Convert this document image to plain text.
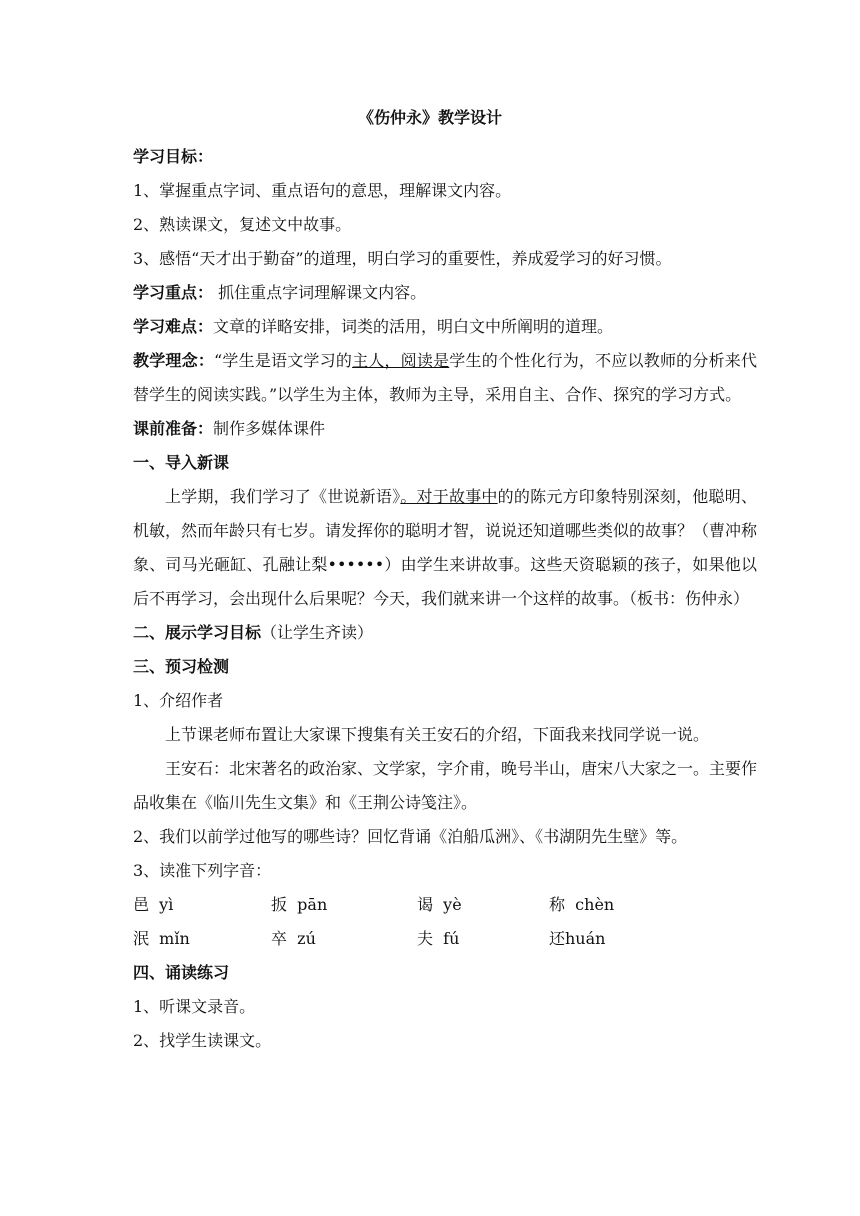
《伤仲永》教学设计

学习目标：

1、掌握重点字词、重点语句的意思，理解课文内容。

2、熟读课文，复述文中故事。

3、感悟“天才出于勤奋”的道理，明白学习的重要性，养成爱学习的好习惯。

学习重点： 抓住重点字词理解课文内容。

学习难点：文章的详略安排，词类的活用，明白文中所阐明的道理。

教学理念：“学生是语文学习的主人，阅读是学生的个性化行为，不应以教师的分析来代替学生的阅读实践。”以学生为主体，教师为主导，采用自主、合作、探究的学习方式。

课前准备：制作多媒体课件

一、导入新课

上学期，我们学习了《世说新语》。对于故事中的的陈元方印象特别深刻，他聪明、机敏，然而年龄只有七岁。请发挥你的聪明才智，说说还知道哪些类似的故事？（曹冲称象、司马光砸缸、孔融让梨••••••）由学生来讲故事。这些天资聪颖的孩子，如果他以后不再学习，会出现什么后果呢？今天，我们就来讲一个这样的故事。（板书：伤仲永）

二、展示学习目标（让学生齐读）

三、预习检测

1、介绍作者

上节课老师布置让大家课下搜集有关王安石的介绍，下面我来找同学说一说。

王安石：北宋著名的政治家、文学家，字介甫，晚号半山，唐宋八大家之一。主要作品收集在《临川先生文集》和《王荆公诗笺注》。

2、我们以前学过他写的哪些诗？回忆背诵《泊船瓜洲》、《书湖阴先生壁》等。

3、读准下列字音：

邑  yì	扳  pān	谒  yè	称  chèn
泯  mǐn	卒  zú	夫  fú	还huán

四、诵读练习

1、听课文录音。

2、找学生读课文。
